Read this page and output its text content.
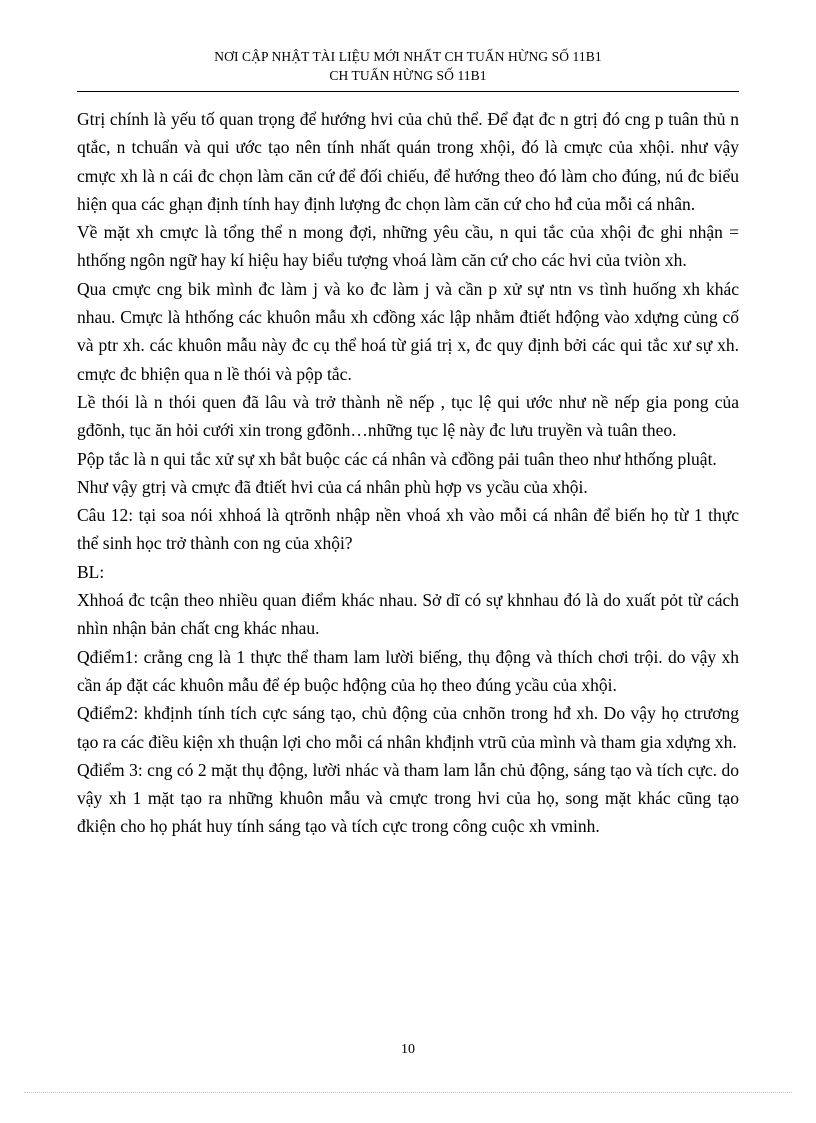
NƠI CẬP NHẬT TÀI LIỆU MỚI NHẤT CH TUẤN HỪNG SỐ 11B1
CH TUẤN HỪNG SỐ 11B1

Gtrị chính là yếu tố quan trọng để hướng hvi của chủ thể. Để đạt đc n gtrị đó cng p tuân thủ n qtắc, n tchuẩn và qui ước tạo nên tính nhất quán trong xhội, đó là cmực của xhội. như vậy cmực xh là n cái đc chọn làm căn cứ để đối chiếu, để hướng theo đó làm cho đúng, nú đc biểu hiện qua các ghạn định tính hay định lượng đc chọn làm căn cứ cho hđ của mỗi cá nhân.

Về mặt xh cmực là tổng thể n mong đợi, những yêu cầu, n qui tắc của xhội đc ghi nhận = hthống ngôn ngữ hay kí hiệu hay biểu tượng vhoá làm căn cứ cho các hvi của tviòn xh.

Qua cmực cng bik mình đc làm j và ko đc làm j và cần p xử sự ntn vs tình huống xh khác nhau. Cmực là hthống các khuôn mẫu xh cđồng xác lập nhằm đtiết hđộng vào xdựng củng cố và ptr xh. các khuôn mẫu này đc cụ thể hoá từ giá trị x, đc quy định bởi các qui tắc xư sự xh. cmực đc bhiện qua n lề thói và pộp tắc.

Lề thói là n thói quen đã lâu và trở thành nề nếp , tục lệ qui ước như nề nếp gia pong của gđõnh, tục ăn hỏi cưới xin trong gđõnh…những tục lệ này đc lưu truyền và tuân theo.

Pộp tắc là n qui tắc xử sự xh bắt buộc các cá nhân và cđồng pải tuân theo như hthống pluật.

Như vậy gtrị và cmực đã đtiết hvi của cá nhân phù hợp vs ycầu của xhội.

Câu 12: tại soa nói xhhoá là qtrõnh nhập nền vhoá xh vào mỗi cá nhân để biến họ từ 1 thực thể sinh học trở thành con ng của xhội?

BL:

Xhhoá đc tcận theo nhiều quan điểm khác nhau. Sở dĩ có sự khnhau đó là do xuất pỏt từ cách nhìn nhận bản chất cng khác nhau.

Qđiểm1: crằng cng là 1 thực thể tham lam lười biếng, thụ động và thích chơi trội. do vậy xh cần áp đặt các khuôn mẫu để ép buộc hđộng của họ theo đúng ycầu của xhội.

Qđiểm2: khđịnh tính tích cực sáng tạo, chủ động của cnhõn trong hđ xh. Do vậy họ ctrương tạo ra các điều kiện xh thuận lợi cho mỗi cá nhân khđịnh vtrũ của mình và tham gia xdựng xh.

Qđiểm 3: cng có 2 mặt thụ động, lười nhác và tham lam lẫn chủ động, sáng tạo và tích cực. do vậy xh 1 mặt tạo ra những khuôn mẫu và cmực trong hvi của họ, song mặt khác cũng tạo đkiện cho họ phát huy tính sáng tạo và tích cực trong công cuộc xh vminh.

10
